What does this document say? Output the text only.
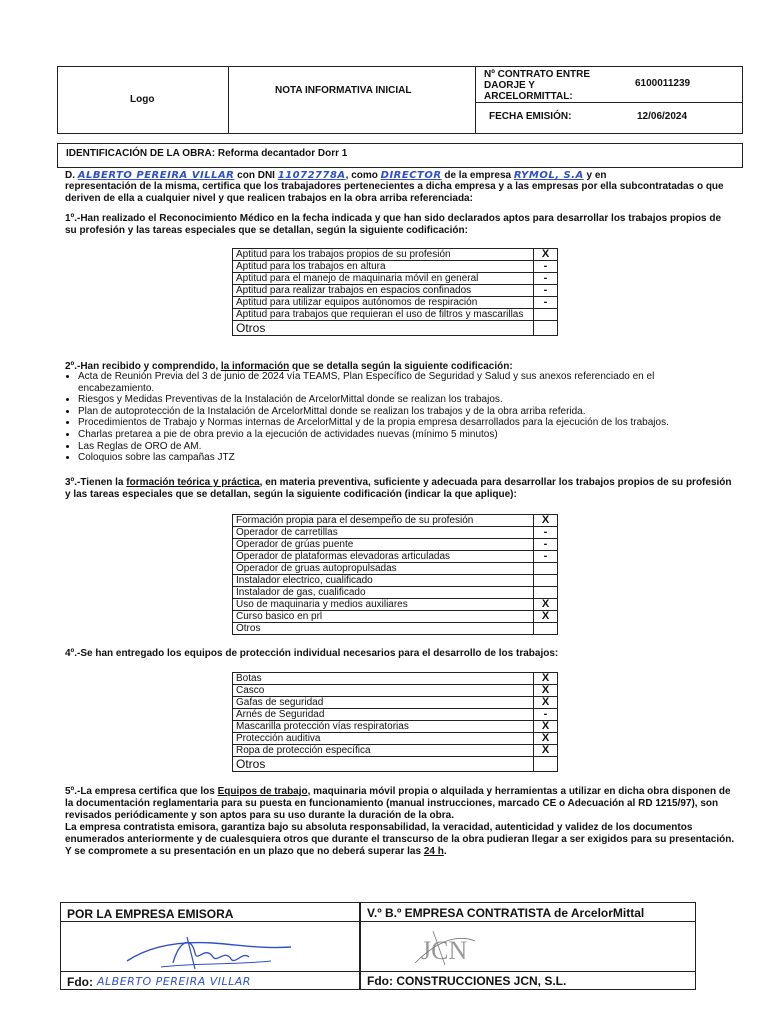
Logo
NOTA INFORMATIVA INICIAL
Nº CONTRATO ENTRE DAORJE Y ARCELORMITTAL:
6100011239
FECHA EMISIÓN:	12/06/2024
IDENTIFICACIÓN DE LA OBRA: Reforma decantador Dorr 1
D. ALBERTO PEREIRA VILLAR con DNI 11072778A, como DIRECTOR de la empresa RYMOL, S.A y en
representación de la misma, certifica que los trabajadores pertenecientes a dicha empresa y a las empresas por ella subcontratadas o que deriven de ella a cualquier nivel y que realicen trabajos en la obra arriba referenciada:
1º.-Han realizado el Reconocimiento Médico en la fecha indicada y que han sido declarados aptos para desarrollar los trabajos propios de su profesión y las tareas especiales que se detallan, según la siguiente codificación:
Aptitud para los trabajos propios de su profesión	X
Aptitud para los trabajos en altura	-
Aptitud para el manejo de maquinaria móvil en general	-
Aptitud para realizar trabajos en espacios confinados	-
Aptitud para utilizar equipos autónomos de respiración	-
Aptitud para trabajos que requieran el uso de filtros y mascarillas	
Otros	
2º.-Han recibido y comprendido, la información que se detalla según la siguiente codificación:
• Acta de Reunión Previa del 3 de junio de 2024 vía TEAMS, Plan Específico de Seguridad y Salud y sus anexos referenciado en el encabezamiento.
• Riesgos y Medidas Preventivas de la Instalación de ArcelorMittal donde se realizan los trabajos.
• Plan de autoprotección de la Instalación de ArcelorMittal donde se realizan los trabajos y de la obra arriba referida.
• Procedimientos de Trabajo y Normas internas de ArcelorMittal y de la propia empresa desarrollados para la ejecución de los trabajos.
• Charlas pretarea a pie de obra previo a la ejecución de actividades nuevas (mínimo 5 minutos)
• Las Reglas de ORO de AM.
• Coloquios sobre las campañas JTZ
3º.-Tienen la formación teórica y práctica, en materia preventiva, suficiente y adecuada para desarrollar los trabajos propios de su profesión y las tareas especiales que se detallan, según la siguiente codificación (indicar la que aplique):
Formación propia para el desempeño de su profesión	X
Operador de carretillas	-
Operador de grúas puente	-
Operador de plataformas elevadoras articuladas	-
Operador de gruas autopropulsadas	
Instalador electrico, cualificado	
Instalador de gas, cualificado	
Uso de maquinaria y medios auxiliares	X
Curso basico en prl	X
Otros	
4º.-Se han entregado los equipos de protección individual necesarios para el desarrollo de los trabajos:
Botas	X
Casco	X
Gafas de seguridad	X
Arnés de Seguridad	-
Mascarilla protección vías respiratorias	X
Protección auditiva	X
Ropa de protección específica	X
Otros	
5º.-La empresa certifica que los Equipos de trabajo, maquinaria móvil propia o alquilada y herramientas a utilizar en dicha obra disponen de la documentación reglamentaria para su puesta en funcionamiento (manual instrucciones, marcado CE o Adecuación al RD 1215/97), son revisados periódicamente y son aptos para su uso durante la duración de la obra.
La empresa contratista emisora, garantiza bajo su absoluta responsabilidad, la veracidad, autenticidad y validez de los documentos enumerados anteriormente y de cualesquiera otros que durante el transcurso de la obra pudieran llegar a ser exigidos para su presentación. Y se compromete a su presentación en un plazo que no deberá superar las 24 h.
POR LA EMPRESA EMISORA
Fdo: ALBERTO PEREIRA VILLAR
V.º B.º EMPRESA CONTRATISTA de ArcelorMittal
JCN
Fdo: CONSTRUCCIONES JCN, S.L.
